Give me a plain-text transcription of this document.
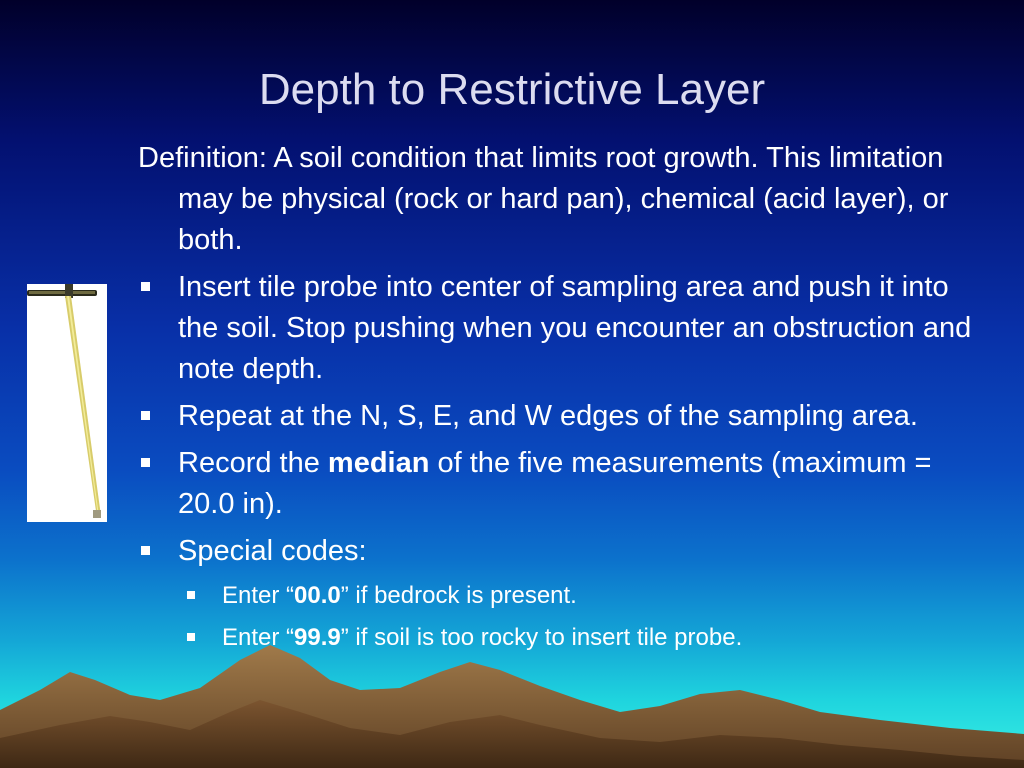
Depth to Restrictive Layer

Definition: A soil condition that limits root growth. This limitation may be physical (rock or hard pan), chemical (acid layer), or both.

Insert tile probe into center of sampling area and push it into the soil. Stop pushing when you encounter an obstruction and note depth.
Repeat at the N, S, E, and W edges of the sampling area.
Record the median of the five measurements (maximum = 20.0 in).
Special codes:
Enter “00.0” if bedrock is present.
Enter “99.9” if soil is too rocky to insert tile probe.
